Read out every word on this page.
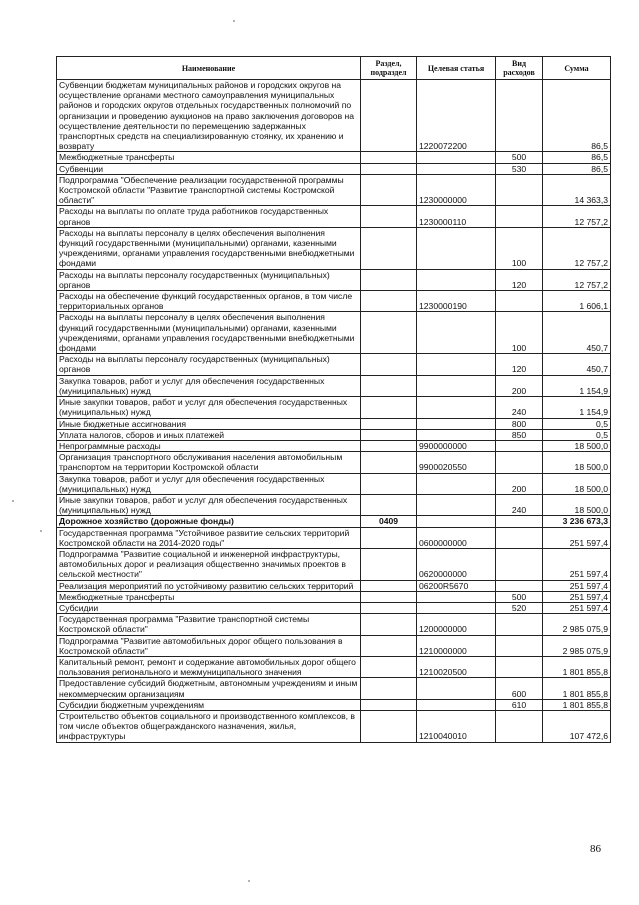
Наименование	Раздел, подраздел	Целевая статья	Вид расходов	Сумма
Субвенции бюджетам муниципальных районов и городских округов на осуществление органами местного самоуправления муниципальных районов и городских округов отдельных государственных полномочий по организации и проведению аукционов на право заключения договоров на осуществление деятельности по перемещению задержанных транспортных средств на специализированную стоянку, их хранению и возврату		1220072200		86,5
Межбюджетные трансферты			500	86,5
Субвенции			530	86,5
Подпрограмма "Обеспечение реализации государственной программы Костромской области "Развитие транспортной системы Костромской области"		1230000000		14 363,3
Расходы на выплаты по оплате труда работников государственных органов		1230000110		12 757,2
Расходы на выплаты персоналу в целях обеспечения выполнения функций государственными (муниципальными) органами, казенными учреждениями, органами управления государственными внебюджетными фондами			100	12 757,2
Расходы на выплаты персоналу государственных (муниципальных) органов			120	12 757,2
Расходы на обеспечение функций государственных органов, в том числе территориальных органов		1230000190		1 606,1
Расходы на выплаты персоналу в целях обеспечения выполнения функций государственными (муниципальными) органами, казенными учреждениями, органами управления государственными внебюджетными фондами			100	450,7
Расходы на выплаты персоналу государственных (муниципальных) органов			120	450,7
Закупка товаров, работ и услуг для обеспечения государственных (муниципальных) нужд			200	1 154,9
Иные закупки товаров, работ и услуг для обеспечения государственных (муниципальных) нужд			240	1 154,9
Иные бюджетные ассигнования			800	0,5
Уплата налогов, сборов и иных платежей			850	0,5
Непрограммные расходы		9900000000		18 500,0
Организация транспортного обслуживания населения автомобильным транспортом на территории Костромской области		9900020550		18 500,0
Закупка товаров, работ и услуг для обеспечения государственных (муниципальных) нужд			200	18 500,0
Иные закупки товаров, работ и услуг для обеспечения государственных (муниципальных) нужд			240	18 500,0
Дорожное хозяйство (дорожные фонды)	0409			3 236 673,3
Государственная программа "Устойчивое развитие сельских территорий Костромской области на 2014-2020 годы"		0600000000		251 597,4
Подпрограмма "Развитие социальной и инженерной инфраструктуры, автомобильных дорог и реализация общественно значимых проектов в сельской местности"		0620000000		251 597,4
Реализация мероприятий по устойчивому развитию сельских территорий		06200R5670		251 597,4
Межбюджетные трансферты			500	251 597,4
Субсидии			520	251 597,4
Государственная программа "Развитие транспортной системы Костромской области"		1200000000		2 985 075,9
Подпрограмма "Развитие автомобильных дорог общего пользования в Костромской области"		1210000000		2 985 075,9
Капитальный ремонт, ремонт и содержание автомобильных дорог общего пользования регионального и межмуниципального значения		1210020500		1 801 855,8
Предоставление субсидий бюджетным, автономным учреждениям и иным некоммерческим организациям			600	1 801 855,8
Субсидии бюджетным учреждениям			610	1 801 855,8
Строительство объектов социального и производственного комплексов, в том числе объектов общегражданского назначения, жилья, инфраструктуры		1210040010		107 472,6
86
